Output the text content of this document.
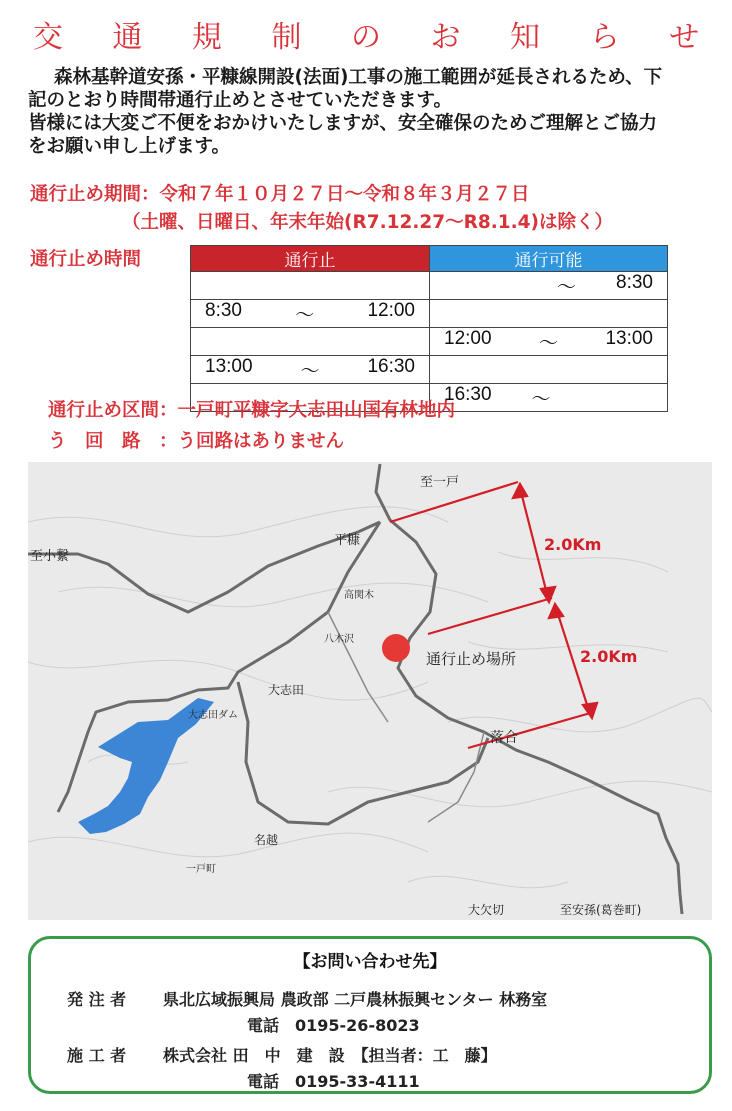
交 通 規 制 の お 知 ら せ

森林基幹道安孫・平糠線開設(法面)工事の施工範囲が延長されるため、下

記のとおり時間帯通行止めとさせていただきます。

皆様には大変ご不便をおかけいたしますが、安全確保のためご理解とご協力

をお願い申し上げます。

通行止め期間：令和７年１０月２７日～令和８年３月２７日
（土曜、日曜日、年末年始(R7.12.27～R8.1.4)は除く）
通行止め時間	通行止	通行可能

	～ 8:30

8:30 ～ 12:00	

	12:00 ～ 13:00

13:00 ～ 16:30	

	16:30 ～
通行止め区間：一戸町平糠字大志田山国有林地内
う　回　路　：う回路はありません
至一戸
至小繋
平糠
高関木
八木沢
大志田
大志田ダム
通行止め場所
落合
名越
一戸町
大欠切	至安孫(葛巻町)
2.0Km
2.0Km
【お問い合わせ先】
発 注 者 県北広域振興局 農政部 二戸農林振興センター 林務室
電話　0195-26-8023
施 工 者 株式会社 田　中　建　設　【担当者：工　藤】
電話　0195-33-4111
